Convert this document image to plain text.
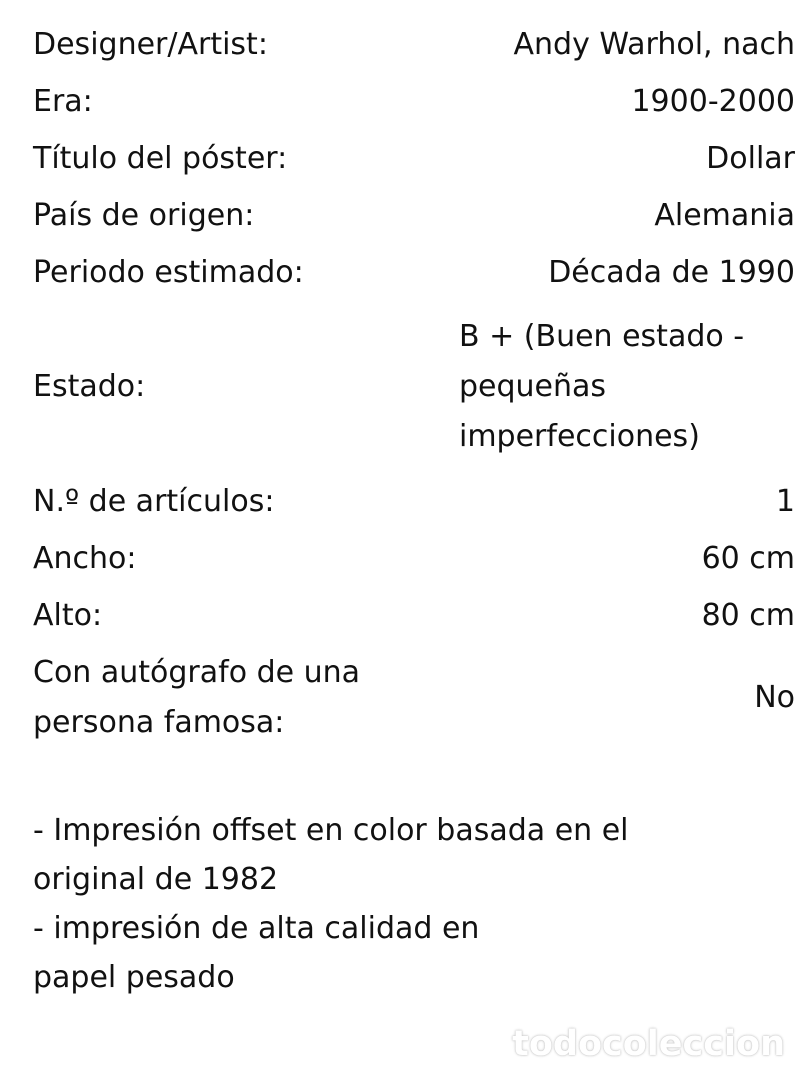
Designer/Artist:	Andy Warhol, nach
Era:	1900-2000
Título del póster:	Dollar
País de origen:	Alemania
Periodo estimado:	Década de 1990
Estado:
B + (Buen estado - pequeñas imperfecciones)
N.º de artículos:	1
Ancho:	60 cm
Alto:	80 cm
Con autógrafo de una persona famosa:
No

- Impresión offset en color basada en el

original de 1982

- impresión de alta calidad en

papel pesado

todocoleccion
